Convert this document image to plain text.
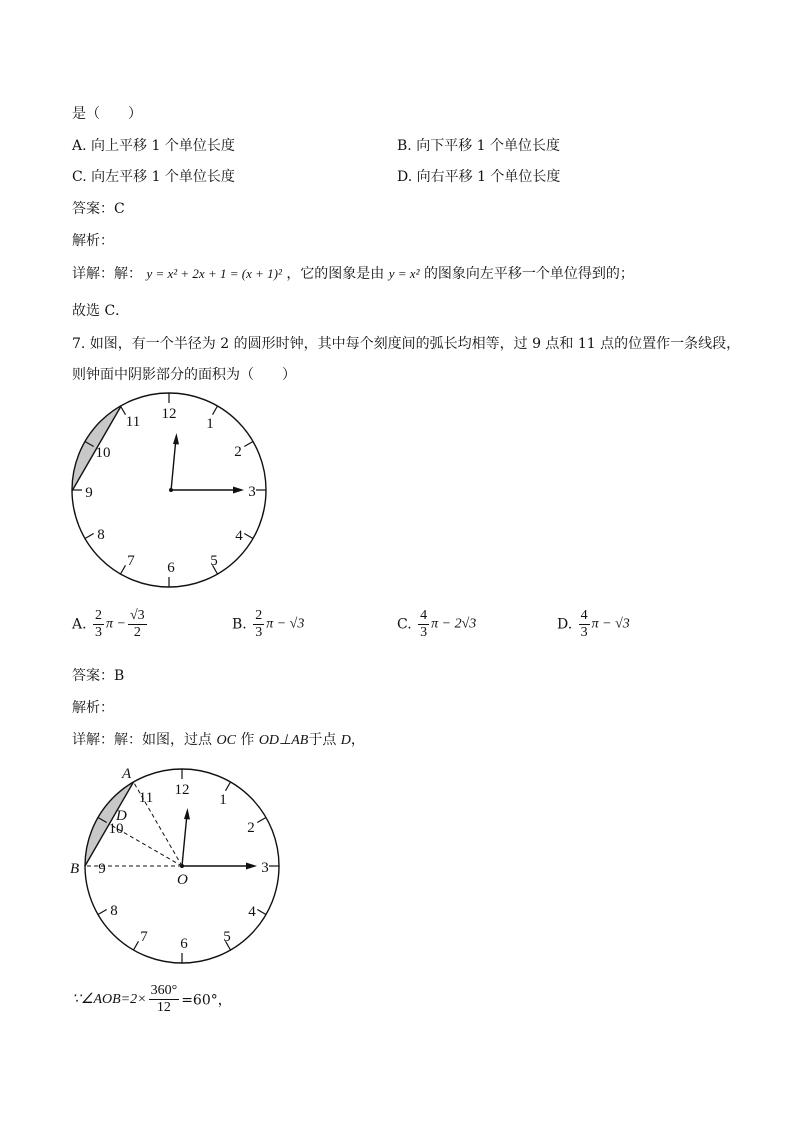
是（　　）
A. 向上平移 1 个单位长度	B. 向下平移 1 个单位长度
C. 向左平移 1 个单位长度	D. 向右平移 1 个单位长度
答案：C
解析：
详解：解： y = x² + 2x + 1 = (x + 1)² ，它的图象是由 y = x² 的图象向左平移一个单位得到的；
故选 C．
7. 如图，有一个半径为 2 的圆形时钟，其中每个刻度间的弧长均相等，过 9 点和 11 点的位置作一条线段，
则钟面中阴影部分的面积为（　　）
12
1
2
3
4
5
6
7
8
9
10
11
A. $\frac{2}{3}$ $\pi - \frac{√3}{2}$	B. $\frac{2}{3}$ π − √3	C. $\frac{4}{3}$ π − 2√3	D. $\frac{4}{3}$ π − √3
答案：B
解析：
详解：解：如图，过点 OC 作 OD⊥AB于点 D，
12
1
2
3
4
5
6
7
8
9
10
11
A
B
D
O
∵∠AOB=2× $\frac{360^\circ}{12} =60^\circ$，
